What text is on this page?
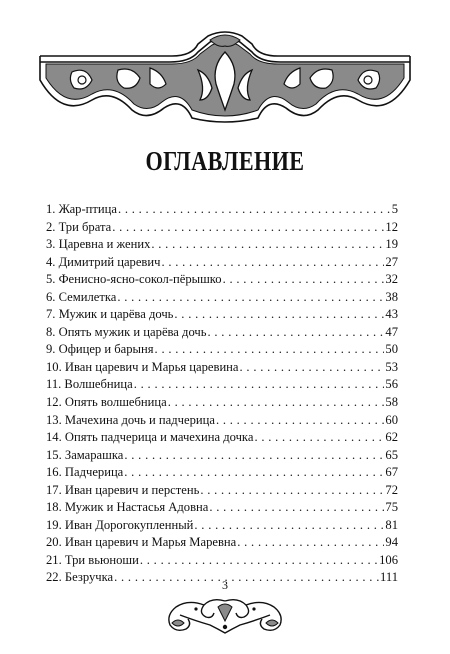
ОГЛАВЛЕНИЕ
1. Жар-птица . . .	5
2. Три брата . . .	12
3. Царевна и жених . . .	19
4. Димитрий царевич . . .	27
5. Фенисно-ясно-сокол-пёрышко . . .	32
6. Семилетка . . .	38
7. Мужик и царёва дочь . . .	43
8. Опять мужик и царёва дочь . . .	47
9. Офицер и барыня . . .	50
10. Иван царевич и Марья царевина . . .	53
11. Волшебница . . .	56
12. Опять волшебница . . .	58
13. Мачехина дочь и падчерица . . .	60
14. Опять падчерица и мачехина дочка . . .	62
15. Замарашка . . .	65
16. Падчерица . . .	67
17. Иван царевич и перстень . . .	72
18. Мужик и Настасья Адовна . . .	75
19. Иван Дорогокупленный . . .	81
20. Иван царевич и Марья Маревна . . .	94
21. Три вьюноши . . .	106
22. Безручка . . .	111
3
